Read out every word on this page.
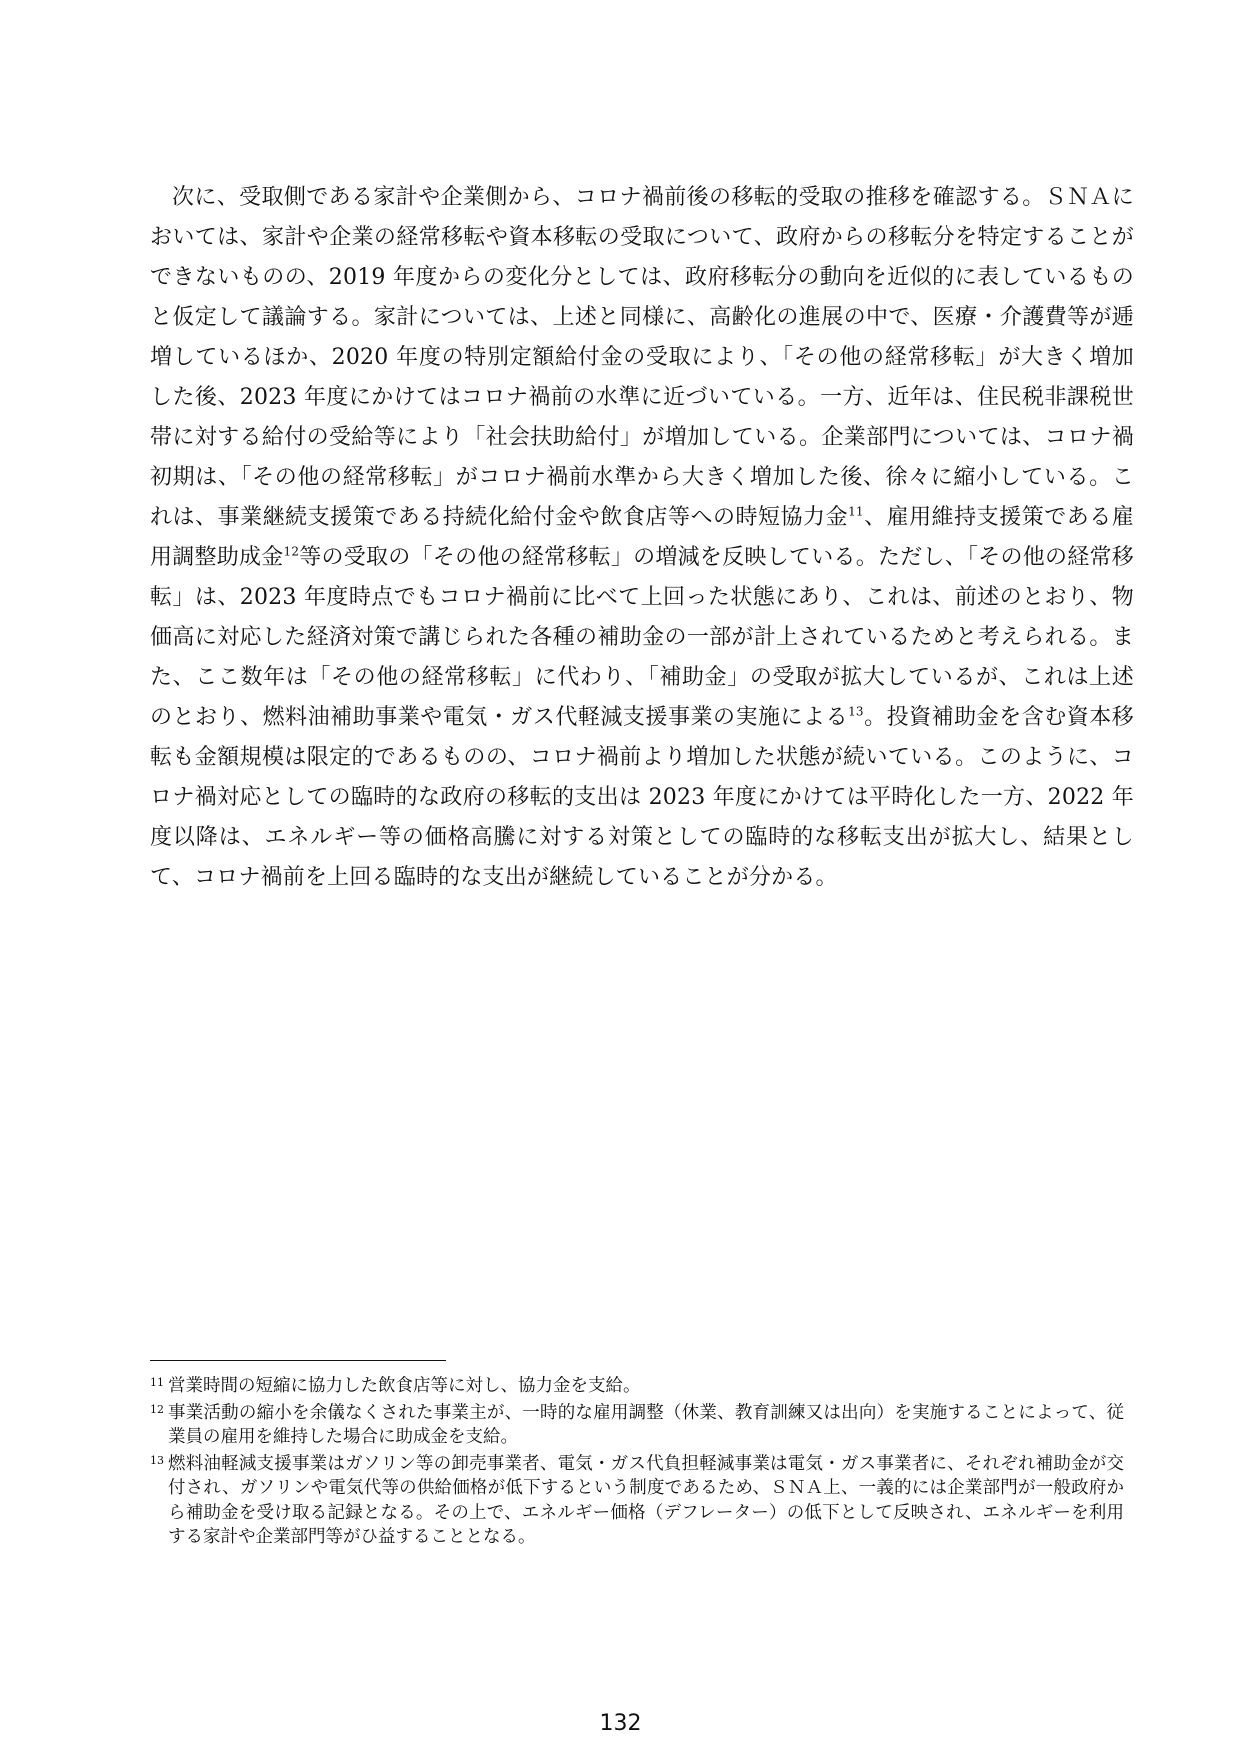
次に、受取側である家計や企業側から、コロナ禍前後の移転的受取の推移を確認する。ＳＮＡにおいては、家計や企業の経常移転や資本移転の受取について、政府からの移転分を特定することができないものの、2019 年度からの変化分としては、政府移転分の動向を近似的に表しているものと仮定して議論する。家計については、上述と同様に、高齢化の進展の中で、医療・介護費等が逓増しているほか、2020 年度の特別定額給付金の受取により、「その他の経常移転」が大きく増加した後、2023 年度にかけてはコロナ禍前の水準に近づいている。一方、近年は、住民税非課税世帯に対する給付の受給等により「社会扶助給付」が増加している。企業部門については、コロナ禍初期は、「その他の経常移転」がコロナ禍前水準から大きく増加した後、徐々に縮小している。これは、事業継続支援策である持続化給付金や飲食店等への時短協力金$^{11}$、雇用維持支援策である雇用調整助成金$^{12}$等の受取の「その他の経常移転」の増減を反映している。ただし、「その他の経常移転」は、2023 年度時点でもコロナ禍前に比べて上回った状態にあり、これは、前述のとおり、物価高に対応した経済対策で講じられた各種の補助金の一部が計上されているためと考えられる。また、ここ数年は「その他の経常移転」に代わり、「補助金」の受取が拡大しているが、これは上述のとおり、燃料油補助事業や電気・ガス代軽減支援事業の実施による$^{13}$。投資補助金を含む資本移転も金額規模は限定的であるものの、コロナ禍前より増加した状態が続いている。このように、コロナ禍対応としての臨時的な政府の移転的支出は 2023 年度にかけては平時化した一方、2022 年度以降は、エネルギー等の価格高騰に対する対策としての臨時的な移転支出が拡大し、結果として、コロナ禍前を上回る臨時的な支出が継続していることが分かる。

11 営業時間の短縮に協力した飲食店等に対し、協力金を支給。
12 事業活動の縮小を余儀なくされた事業主が、一時的な雇用調整（休業、教育訓練又は出向）を実施することによって、従業員の雇用を維持した場合に助成金を支給。
13 燃料油軽減支援事業はガソリン等の卸売事業者、電気・ガス代負担軽減事業は電気・ガス事業者に、それぞれ補助金が交付され、ガソリンや電気代等の供給価格が低下するという制度であるため、ＳＮＡ上、一義的には企業部門が一般政府から補助金を受け取る記録となる。その上で、エネルギー価格（デフレーター）の低下として反映され、エネルギーを利用する家計や企業部門等がひ益することとなる。
132
